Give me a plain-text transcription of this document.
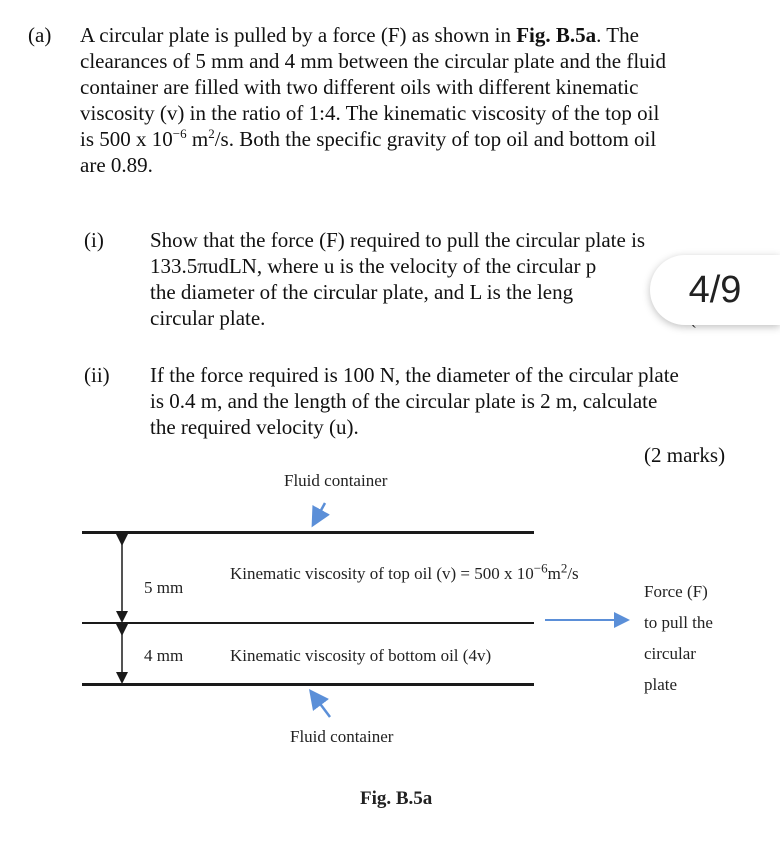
(a) A circular plate is pulled by a force (F) as shown in Fig. B.5a. The
clearances of 5 mm and 4 mm between the circular plate and the fluid
container are filled with two different oils with different kinematic
viscosity (v) in the ratio of 1:4. The kinematic viscosity of the top oil
is 500 x $10^{-6}$ $m^2/s$. Both the specific gravity of top oil and bottom oil
are 0.89.
(i) Show that the force (F) required to pull the circular plate is
133.5πudLN, where u is the velocity of the circular p
the diameter of the circular plate, and L is the leng
circular plate.
4/9
(ii) If the force required is 100 N, the diameter of the circular plate
is 0.4 m, and the length of the circular plate is 2 m, calculate
the required velocity (u).
(2 marks)
Fluid container
5 mm
4 mm
Kinematic viscosity of top oil (v) = 500 x $10^{-6}m^2/s$
Kinematic viscosity of bottom oil (4v)
Force (F)
to pull the
circular
plate
Fluid container
Fig. B.5a
